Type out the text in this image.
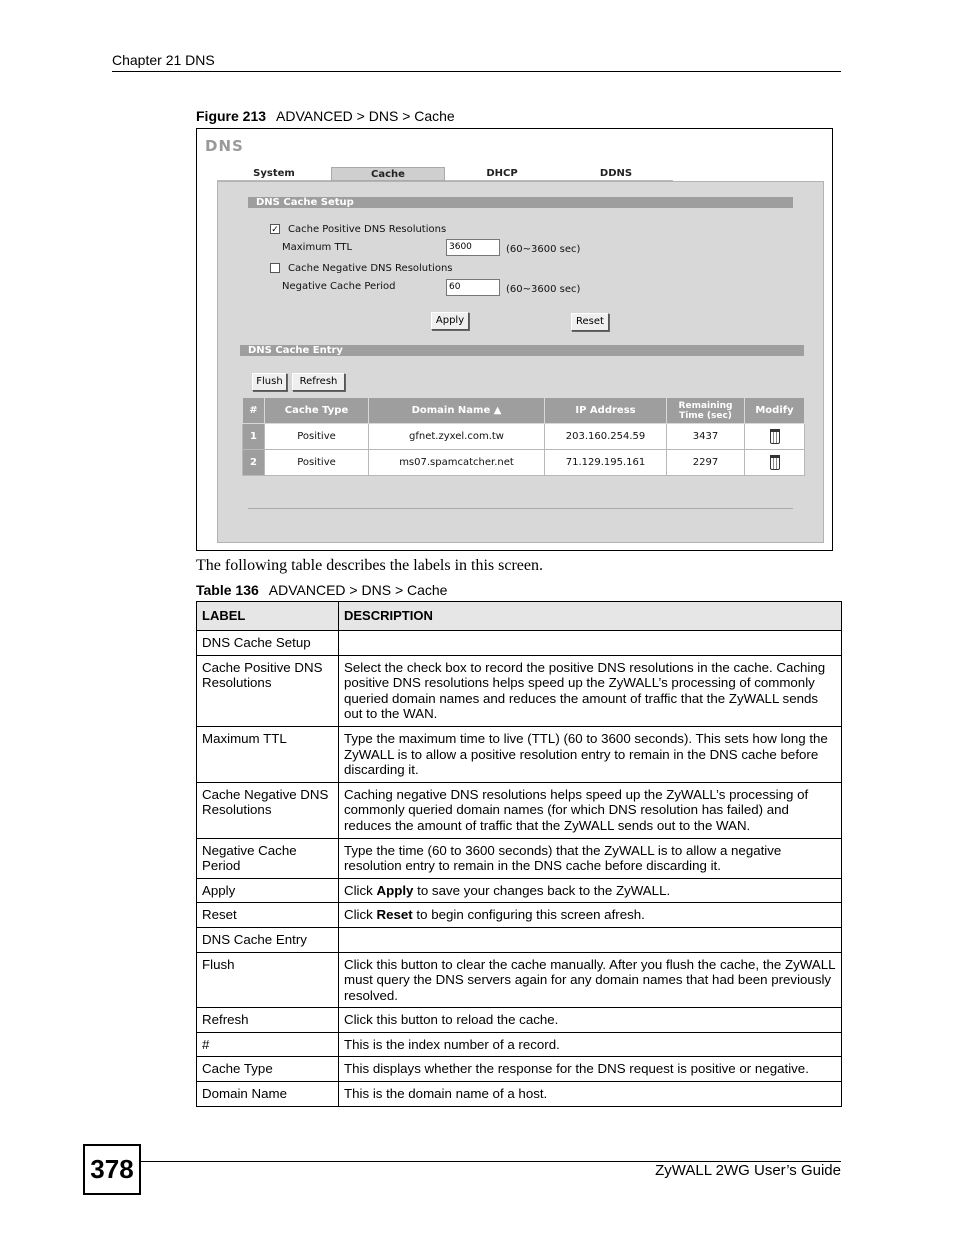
Chapter 21 DNS
Figure 213 ADVANCED > DNS > Cache
DNS
System	Cache	DHCP	DDNS
DNS Cache Setup
✓ Cache Positive DNS Resolutions
Maximum TTL	3600	(60~3600 sec)
Cache Negative DNS Resolutions
Negative Cache Period	60	(60~3600 sec)
Apply	Reset
DNS Cache Entry
Flush	Refresh
#	Cache Type	Domain Name ▲	IP Address	Remaining Time (sec)	Modify
1	Positive	gfnet.zyxel.com.tw	203.160.254.59	3437	
2	Positive	ms07.spamcatcher.net	71.129.195.161	2297	
The following table describes the labels in this screen.
Table 136 ADVANCED > DNS > Cache
LABEL	DESCRIPTION
DNS Cache Setup	
Cache Positive DNS Resolutions	Select the check box to record the positive DNS resolutions in the cache. Caching positive DNS resolutions helps speed up the ZyWALL’s processing of commonly queried domain names and reduces the amount of traffic that the ZyWALL sends out to the WAN.
Maximum TTL	Type the maximum time to live (TTL) (60 to 3600 seconds). This sets how long the ZyWALL is to allow a positive resolution entry to remain in the DNS cache before discarding it.
Cache Negative DNS Resolutions	Caching negative DNS resolutions helps speed up the ZyWALL’s processing of commonly queried domain names (for which DNS resolution has failed) and reduces the amount of traffic that the ZyWALL sends out to the WAN.
Negative Cache Period	Type the time (60 to 3600 seconds) that the ZyWALL is to allow a negative resolution entry to remain in the DNS cache before discarding it.
Apply	Click Apply to save your changes back to the ZyWALL.
Reset	Click Reset to begin configuring this screen afresh.
DNS Cache Entry	
Flush	Click this button to clear the cache manually. After you flush the cache, the ZyWALL must query the DNS servers again for any domain names that had been previously resolved.
Refresh	Click this button to reload the cache.
#	This is the index number of a record.
Cache Type	This displays whether the response for the DNS request is positive or negative.
Domain Name	This is the domain name of a host.
378	ZyWALL 2WG User’s Guide
